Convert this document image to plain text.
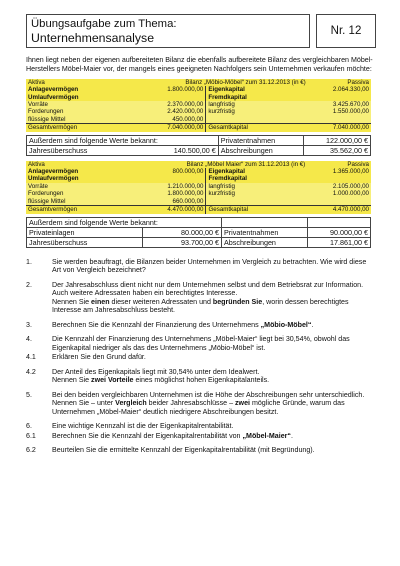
Übungsaufgabe zum Thema:
Unternehmensanalyse	Nr. 12
Ihnen liegt neben der eigenen aufbereiteten Bilanz die ebenfalls aufbereitete Bilanz des vergleichbaren Möbel-Herstellers Möbel-Maier vor, der mangels eines geeigneten Nachfolgers sein Unternehmen verkaufen möchte:
Aktiva	Bilanz „Möbio-Möbel“ zum 31.12.2013 (in €)		Passiva
Anlagevermögen	1.800.000,00	Eigenkapital	2.064.330,00
Umlaufvermögen		Fremdkapital	
Vorräte	2.370.000,00	langfristig	3.425.670,00
Forderungen	2.420.000,00	kurzfristig	1.550.000,00
flüssige Mittel	450.000,00		
Gesamtvermögen	7.040.000,00	Gesamtkapital	7.040.000,00
Außerdem sind folgende Werte bekannt:	Privatentnahmen	122.000,00 €
Jahresüberschuss 140.500,00 €	Abschreibungen	35.562,00 €
Aktiva	Bilanz „Möbel Maier“ zum 31.12.2013 (in €)		Passiva
Anlagevermögen	800.000,00	Eigenkapital	1.365.000,00
Umlaufvermögen		Fremdkapital	
Vorräte	1.210.000,00	langfristig	2.105.000,00
Forderungen	1.800.000,00	kurzfristig	1.000.000,00
flüssige Mittel	660.000,00		
Gesamtvermögen	4.470.000,00	Gesamtkapital	4.470.000,00
Außerdem sind folgende Werte bekannt:			
Privateinlagen	80.000,00 €	Privatentnahmen	90.000,00 €
Jahresüberschuss	93.700,00 €	Abschreibungen	17.861,00 €
1.	Sie werden beauftragt, die Bilanzen beider Unternehmen im Vergleich zu betrachten. Wie wird diese Art von Vergleich bezeichnet?
2.	Der Jahresabschluss dient nicht nur dem Unternehmen selbst und dem Betriebsrat zur Information. Auch weitere Adressaten haben ein berechtigtes Interesse.
Nennen Sie einen dieser weiteren Adressaten und begründen Sie, worin dessen berechtigtes Interesse am Jahresabschluss besteht.
3.	Berechnen Sie die Kennzahl der Finanzierung des Unternehmens „Möbio-Möbel“.
4.	Die Kennzahl der Finanzierung des Unternehmens „Möbel-Maier“ liegt bei 30,54%, obwohl das Eigenkapital niedriger als das des Unternehmens „Möbio-Möbel“ ist.
4.1	Erklären Sie den Grund dafür.
4.2	Der Anteil des Eigenkapitals liegt mit 30,54% unter dem Idealwert.
Nennen Sie zwei Vorteile eines möglichst hohen Eigenkapitalanteils.
5.	Bei den beiden vergleichbaren Unternehmen ist die Höhe der Abschreibungen sehr unterschiedlich.
Nennen Sie – unter Vergleich beider Jahresabschlüsse – zwei mögliche Gründe, warum das Unternehmen „Möbel-Maier“ deutlich niedrigere Abschreibungen besitzt.
6.	Eine wichtige Kennzahl ist die der Eigenkapitalrentabilität.
6.1	Berechnen Sie die Kennzahl der Eigenkapitalrentabilität von „Möbel-Maier“.
6.2	Beurteilen Sie die ermittelte Kennzahl der Eigenkapitalrentabilität (mit Begründung).
